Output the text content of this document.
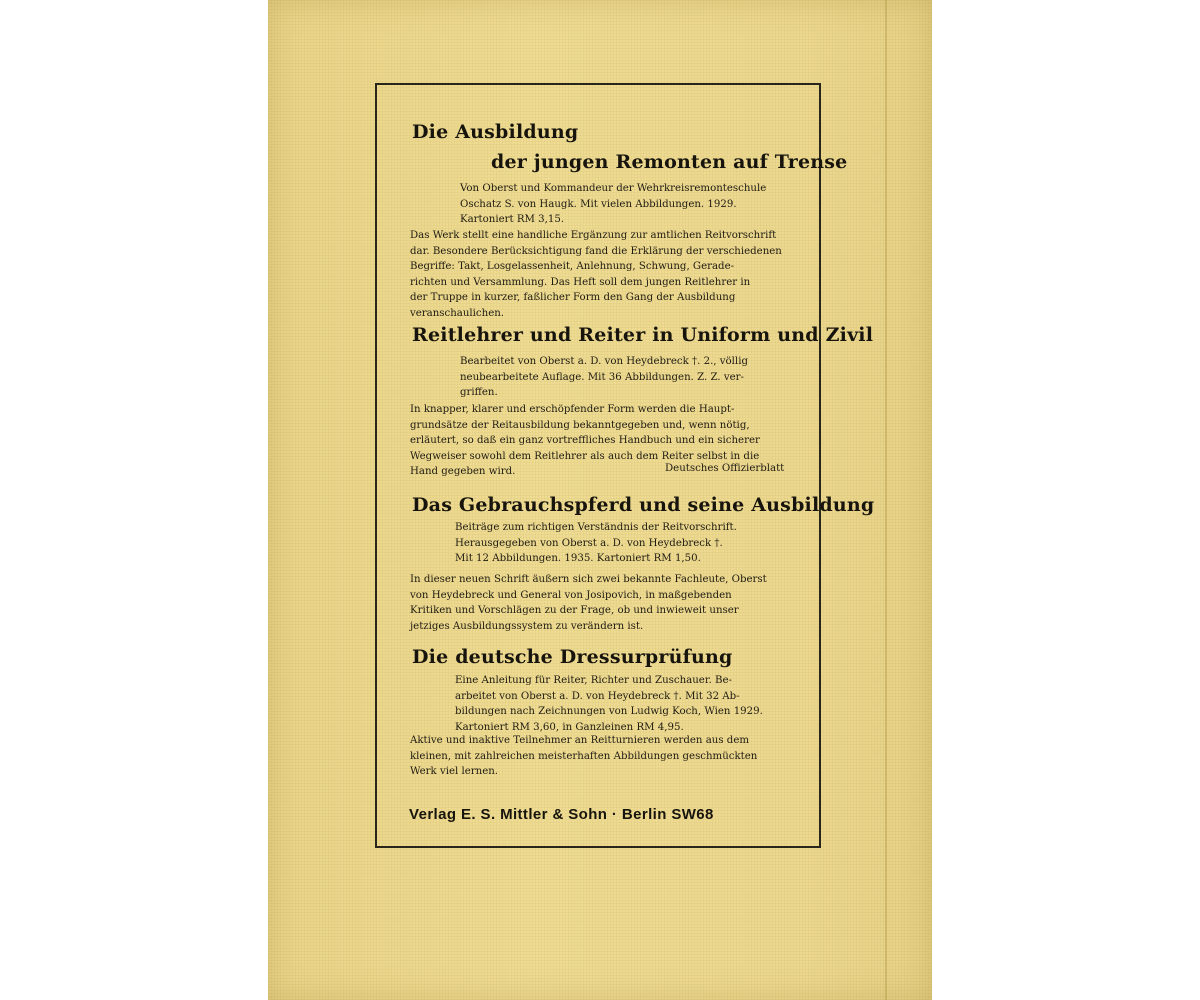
Die Ausbildung
der jungen Remonten auf Trense
Von Oberst und Kommandeur der Wehrkreisremonteschule
Oschatz S. von Haugk. Mit vielen Abbildungen. 1929.
Kartoniert RM 3,15.
Das Werk stellt eine handliche Ergänzung zur amtlichen Reitvorschrift
dar. Besondere Berücksichtigung fand die Erklärung der verschiedenen
Begriffe: Takt, Losgelassenheit, Anlehnung, Schwung, Gerade-
richten und Versammlung. Das Heft soll dem jungen Reitlehrer in
der Truppe in kurzer, faßlicher Form den Gang der Ausbildung
veranschaulichen.
Reitlehrer und Reiter in Uniform und Zivil
Bearbeitet von Oberst a. D. von Heydebreck †. 2., völlig
neubearbeitete Auflage. Mit 36 Abbildungen. Z. Z. ver-
griffen.
In knapper, klarer und erschöpfender Form werden die Haupt-
grundsätze der Reitausbildung bekanntgegeben und, wenn nötig,
erläutert, so daß ein ganz vortreffliches Handbuch und ein sicherer
Wegweiser sowohl dem Reitlehrer als auch dem Reiter selbst in die
Hand gegeben wird.	Deutsches Offizierblatt
Das Gebrauchspferd und seine Ausbildung
Beiträge zum richtigen Verständnis der Reitvorschrift.
Herausgegeben von Oberst a. D. von Heydebreck †.
Mit 12 Abbildungen. 1935. Kartoniert RM 1,50.
In dieser neuen Schrift äußern sich zwei bekannte Fachleute, Oberst
von Heydebreck und General von Josipovich, in maßgebenden
Kritiken und Vorschlägen zu der Frage, ob und inwieweit unser
jetziges Ausbildungssystem zu verändern ist.
Die deutsche Dressurprüfung
Eine Anleitung für Reiter, Richter und Zuschauer. Be-
arbeitet von Oberst a. D. von Heydebreck †. Mit 32 Ab-
bildungen nach Zeichnungen von Ludwig Koch, Wien 1929.
Kartoniert RM 3,60, in Ganzleinen RM 4,95.
Aktive und inaktive Teilnehmer an Reitturnieren werden aus dem
kleinen, mit zahlreichen meisterhaften Abbildungen geschmückten
Werk viel lernen.
Verlag E. S. Mittler & Sohn · Berlin SW68
